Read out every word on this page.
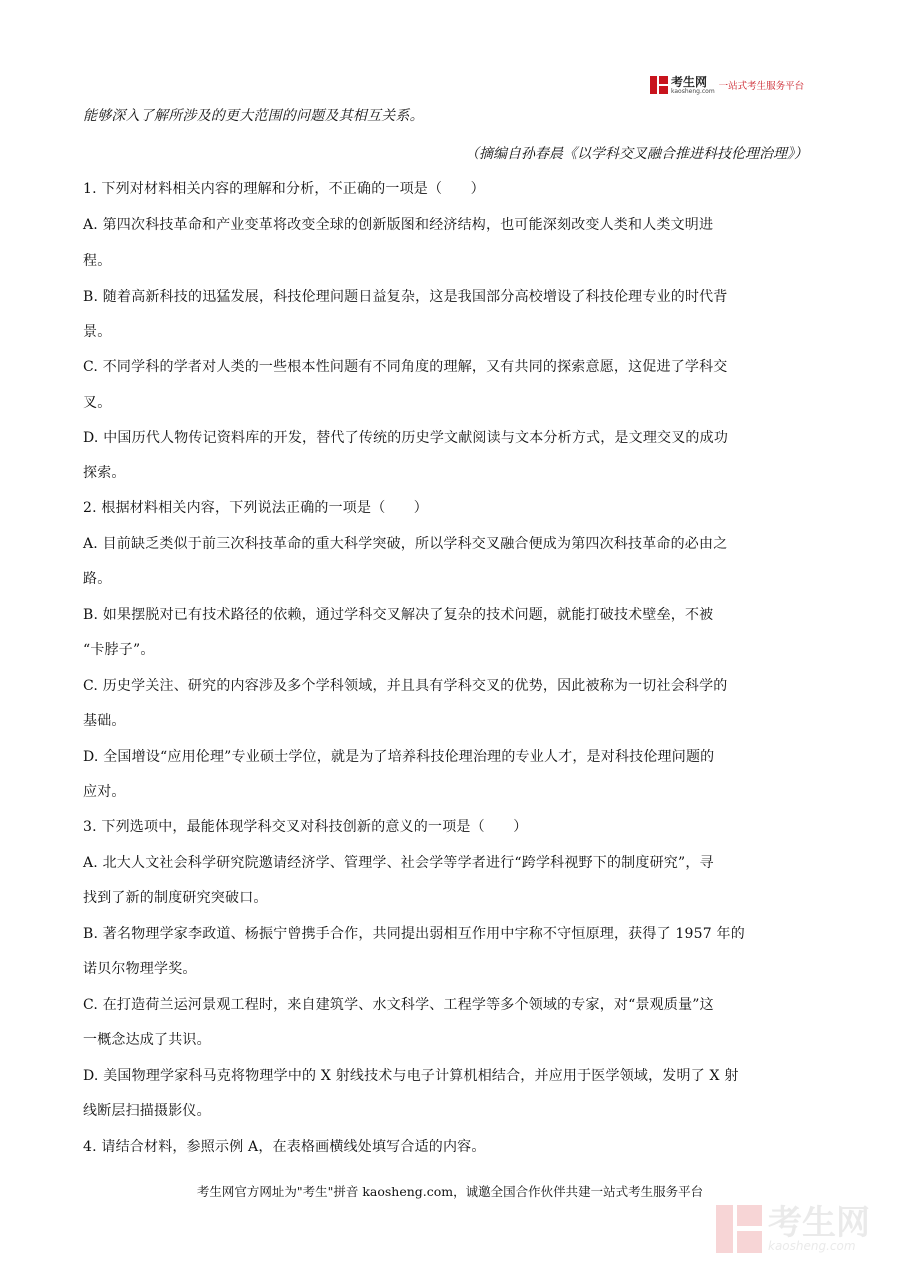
考生网
kaosheng.com 一站式考生服务平台
能够深入了解所涉及的更大范围的问题及其相互关系。
（摘编自孙春晨《以学科交叉融合推进科技伦理治理》）
1. 下列对材料相关内容的理解和分析，不正确的一项是（　　）
A. 第四次科技革命和产业变革将改变全球的创新版图和经济结构，也可能深刻改变人类和人类文明进
程。
B. 随着高新科技的迅猛发展，科技伦理问题日益复杂，这是我国部分高校增设了科技伦理专业的时代背
景。
C. 不同学科的学者对人类的一些根本性问题有不同角度的理解，又有共同的探索意愿，这促进了学科交
叉。
D. 中国历代人物传记资料库的开发，替代了传统的历史学文献阅读与文本分析方式，是文理交叉的成功
探索。
2. 根据材料相关内容，下列说法正确的一项是（　　）
A. 目前缺乏类似于前三次科技革命的重大科学突破，所以学科交叉融合便成为第四次科技革命的必由之
路。
B. 如果摆脱对已有技术路径的依赖，通过学科交叉解决了复杂的技术问题，就能打破技术壁垒，不被
“卡脖子”。
C. 历史学关注、研究的内容涉及多个学科领域，并且具有学科交叉的优势，因此被称为一切社会科学的
基础。
D. 全国增设“应用伦理”专业硕士学位，就是为了培养科技伦理治理的专业人才，是对科技伦理问题的
应对。
3. 下列选项中，最能体现学科交叉对科技创新的意义的一项是（　　）
A. 北大人文社会科学研究院邀请经济学、管理学、社会学等学者进行“跨学科视野下的制度研究”，寻
找到了新的制度研究突破口。
B. 著名物理学家李政道、杨振宁曾携手合作，共同提出弱相互作用中宇称不守恒原理，获得了 1957 年的
诺贝尔物理学奖。
C. 在打造荷兰运河景观工程时，来自建筑学、水文科学、工程学等多个领域的专家，对“景观质量”这
一概念达成了共识。
D. 美国物理学家科马克将物理学中的 X 射线技术与电子计算机相结合，并应用于医学领域，发明了 X 射
线断层扫描摄影仪。
4. 请结合材料，参照示例 A，在表格画横线处填写合适的内容。
考生网官方网址为"考生"拼音 kaosheng.com，诚邀全国合作伙伴共建一站式考生服务平台
考生网
kaosheng.com
